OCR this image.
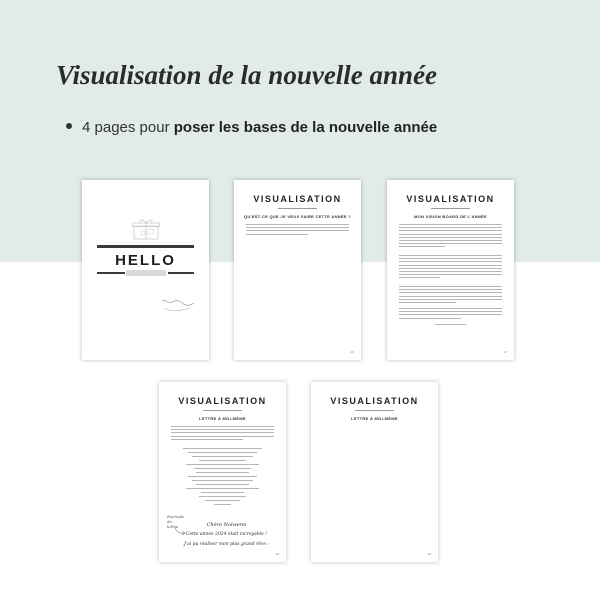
Visualisation de la nouvelle année
4 pages pour poser les bases de la nouvelle année
HELLO
VISUALISATION
QU'EST-CE QUE JE VEUX FAIRE CETTE ANNÉE ?
26
VISUALISATION
MON VISION BOARD DE L'ANNÉE
27
VISUALISATION
LETTRE À MOI-MÊME
Exemple de lettre	Chère Nolwenn
Cette année 2024 était incroyable !
J'ai pu réaliser mon plus grand rêve :
28
VISUALISATION
LETTRE À MOI-MÊME
29
